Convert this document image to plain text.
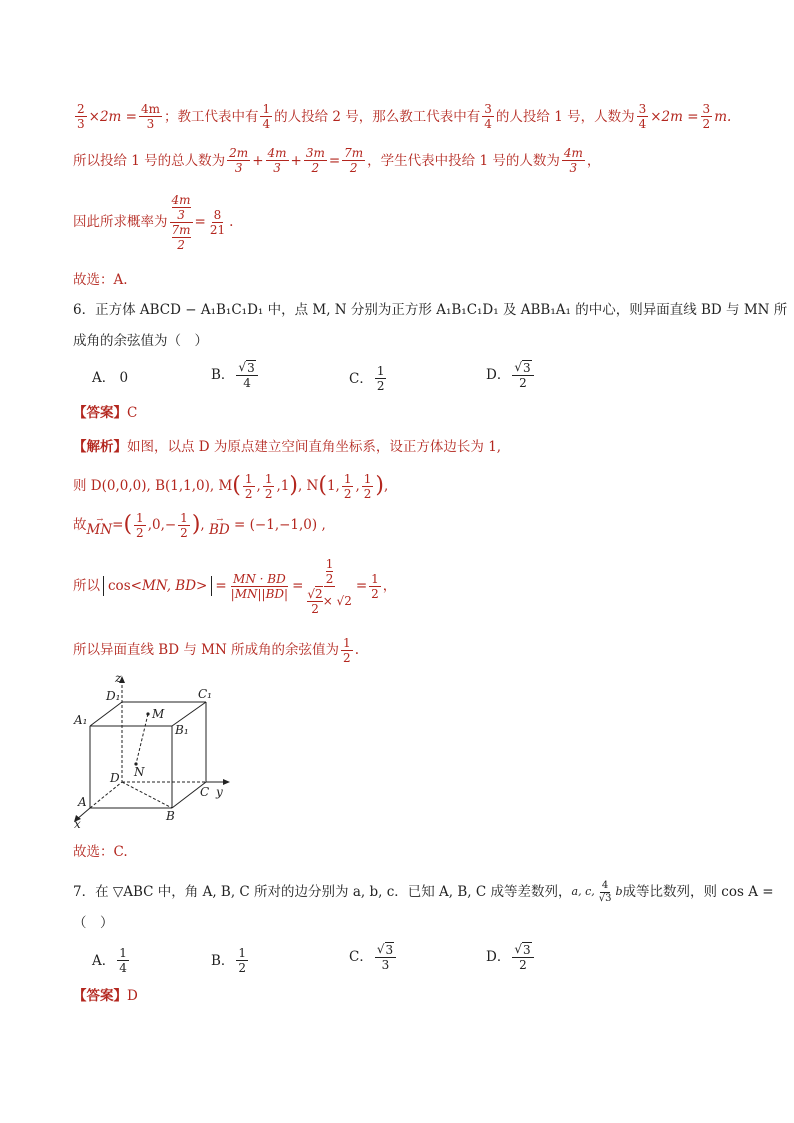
$\frac{2}{3} \times 2m = \frac{4m}{3}$ ；教工代表中有 $\frac{1}{4}$ 的人投给 2 号，那么教工代表中有 $\frac{3}{4}$ 的人投给 1 号，人数为 $\frac{3}{4} \times 2m = \frac{3}{2} m$.
所以投给 1 号的总人数为 $\frac{2m}{3} + \frac{4m}{3} + \frac{3m}{2} = \frac{7m}{2}$ ，学生代表中投给 1 号的人数为 $\frac{4m}{3}$ ，
因此所求概率为 4m
3
7m
$2 = \frac{8}{21}$ .
故选：A.
6．正方体 ABCD − A₁B₁C₁D₁ 中，点 M, N 分别为正方形 A₁B₁C₁D₁ 及 ABB₁A₁ 的中心，则异面直线 BD 与 MN 所
成角的余弦值为（　）
A．
0	B． $\frac{√ 3}{4}$	C． $\frac{1}{2}$	D． $\frac{√ 3}{2}$
【答案】 C
【解析】 如图，以点 D 为原点建立空间直角坐标系，设正方体边长为 1,
则 D(0,0,0), B(1,1,0), M ( $\frac{1}{2}$ , $\frac{1}{2} ,1$ ) , N ( 1, $\frac{1}{2}$ , $\frac{1}{2}$ ) ,
故 →
MN = ( $\frac{1}{2} ,0,- \frac{1}{2}$ ) , →
BD
= (−1,−1,0) ,
所以 cos < MN, BD > = $\frac{MN \cdot BD}{|MN||BD|} = 1$
2
$\frac{√2}{2} \times √2 = \frac{1}{2}$ ，
所以异面直线 BD 与 MN 所成角的余弦值为 $\frac{1}{2}$ .
z
D₁	C₁
A₁	M
B₁
D N
C y
A
B
x
故选：C.
7．在 ▽ABC 中，角 A, B, C 所对的边分别为 a, b, c．已知 A, B, C 成等差数列， a, c, $\frac{4}{√3}$ b 成等比数列，则 cos A =
（　）
A． $\frac{1}{4}$	B． $\frac{1}{2}$	C． $\frac{√ 3}{3}$	D． $\frac{√ 3}{2}$
【答案】 D
